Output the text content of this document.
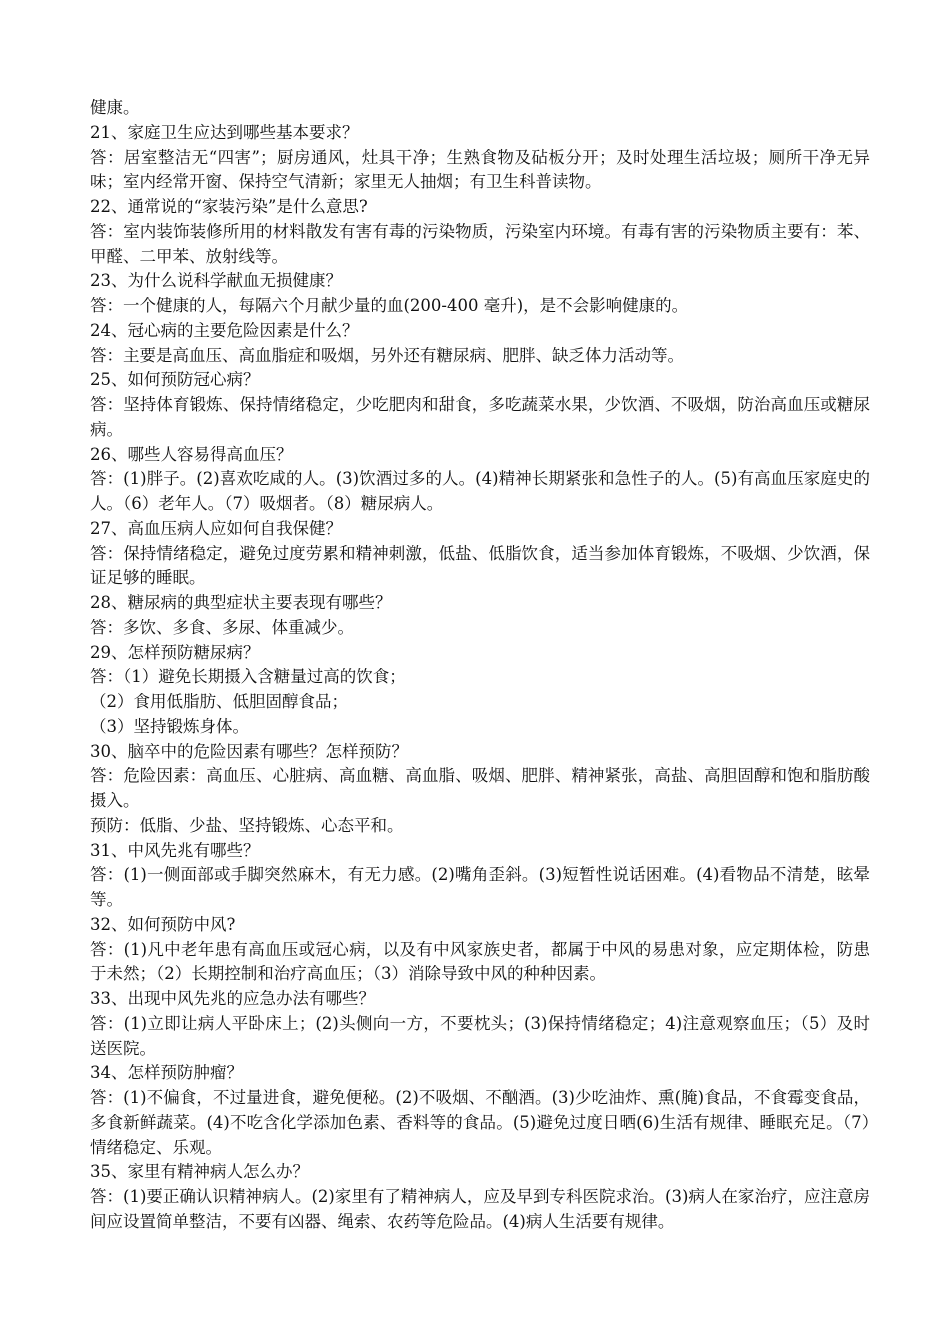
健康。

21、家庭卫生应达到哪些基本要求？

答：居室整洁无“四害”；厨房通风，灶具干净；生熟食物及砧板分开；及时处理生活垃圾；厕所干净无异味；室内经常开窗、保持空气清新；家里无人抽烟；有卫生科普读物。

22、通常说的“家装污染”是什么意思?

答：室内装饰装修所用的材料散发有害有毒的污染物质，污染室内环境。有毒有害的污染物质主要有：苯、甲醛、二甲苯、放射线等。

23、为什么说科学献血无损健康？

答：一个健康的人，每隔六个月献少量的血(200-400 毫升)，是不会影响健康的。

24、冠心病的主要危险因素是什么？

答：主要是高血压、高血脂症和吸烟，另外还有糖尿病、肥胖、缺乏体力活动等。

25、如何预防冠心病？

答：坚持体育锻炼、保持情绪稳定，少吃肥肉和甜食，多吃蔬菜水果，少饮酒、不吸烟，防治高血压或糖尿病。

26、哪些人容易得高血压？

答：(1)胖子。(2)喜欢吃咸的人。(3)饮酒过多的人。(4)精神长期紧张和急性子的人。(5)有高血压家庭史的人。（6）老年人。（7）吸烟者。（8）糖尿病人。

27、高血压病人应如何自我保健？

答：保持情绪稳定，避免过度劳累和精神刺激，低盐、低脂饮食，适当参加体育锻炼，不吸烟、少饮酒，保证足够的睡眠。

28、糖尿病的典型症状主要表现有哪些？

答：多饮、多食、多尿、体重减少。

29、怎样预防糖尿病？

答：（1）避免长期摄入含糖量过高的饮食；

（2）食用低脂肪、低胆固醇食品；

（3）坚持锻炼身体。

30、脑卒中的危险因素有哪些？怎样预防？

答：危险因素：高血压、心脏病、高血糖、高血脂、吸烟、肥胖、精神紧张，高盐、高胆固醇和饱和脂肪酸摄入。

预防：低脂、少盐、坚持锻炼、心态平和。

31、中风先兆有哪些？

答：(1)一侧面部或手脚突然麻木，有无力感。(2)嘴角歪斜。(3)短暂性说话困难。(4)看物品不清楚，眩晕等。

32、如何预防中风?

答：(1)凡中老年患有高血压或冠心病，以及有中风家族史者，都属于中风的易患对象，应定期体检，防患于未然；（2）长期控制和治疗高血压；（3）消除导致中风的种种因素。

33、出现中风先兆的应急办法有哪些？

答：(1)立即让病人平卧床上；(2)头侧向一方，不要枕头；(3)保持情绪稳定；4)注意观察血压；（5）及时送医院。

34、怎样预防肿瘤？

答：(1)不偏食，不过量进食，避免便秘。(2)不吸烟、不酗酒。(3)少吃油炸、熏(腌)食品，不食霉变食品，多食新鲜蔬菜。(4)不吃含化学添加色素、香料等的食品。(5)避免过度日晒(6)生活有规律、睡眠充足。（7）情绪稳定、乐观。

35、家里有精神病人怎么办？

答：(1)要正确认识精神病人。(2)家里有了精神病人，应及早到专科医院求治。(3)病人在家治疗，应注意房间应设置简单整洁，不要有凶器、绳索、农药等危险品。(4)病人生活要有规律。
